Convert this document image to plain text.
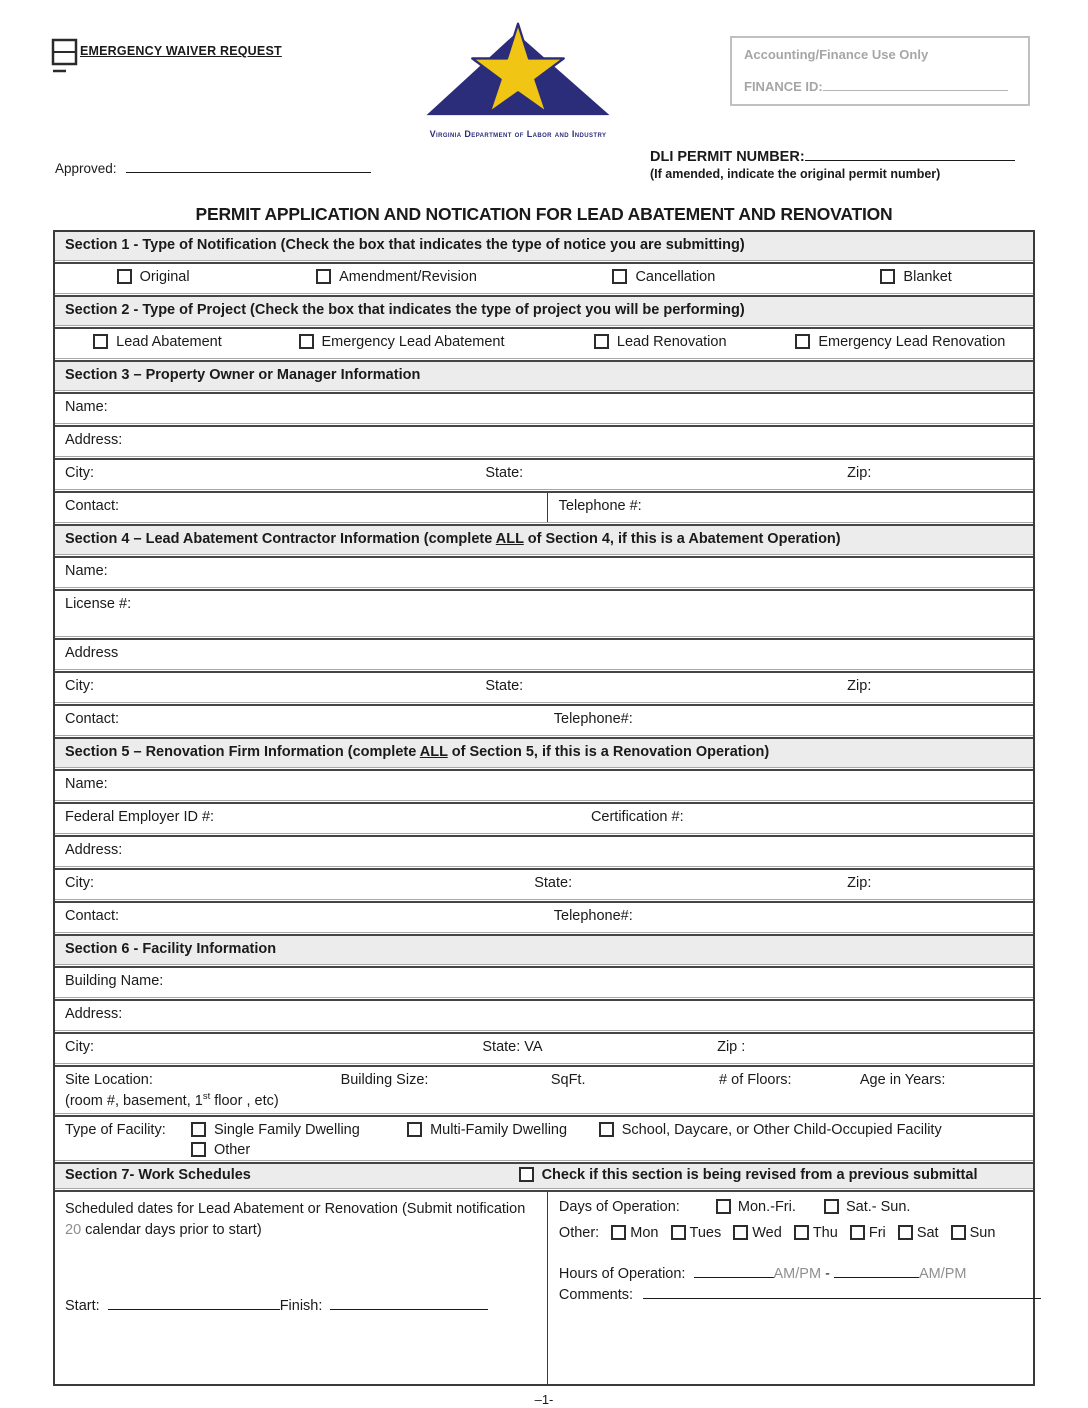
EMERGENCY WAIVER REQUEST
Virginia Department of Labor and Industry
Accounting/Finance Use Only
FINANCE ID:
Approved:
DLI PERMIT NUMBER:
(If amended, indicate the original permit number)
PERMIT APPLICATION AND NOTICATION FOR LEAD ABATEMENT AND RENOVATION
Section 1 - Type of Notification (Check the box that indicates the type of notice you are submitting)
Original	Amendment/Revision	Cancellation	Blanket
Section 2 - Type of Project (Check the box that indicates the type of project you will be performing)
Lead Abatement	Emergency Lead Abatement	Lead Renovation	Emergency Lead Renovation
Section 3 – Property Owner or Manager Information
Name:
Address:
City:	State:	Zip:
Contact:	Telephone #:
Section 4 – Lead Abatement Contractor Information (complete ALL of Section 4, if this is a Abatement Operation)
Name:
License #:
Address
City:	State:	Zip:
Contact:	Telephone#:
Section 5 – Renovation Firm Information (complete ALL of Section 5, if this is a Renovation Operation)
Name:
Federal Employer ID #:	Certification #:
Address:
City:	State:	Zip:
Contact:	Telephone#:
Section 6 - Facility Information
Building Name:
Address:
City:	State: VA	Zip :
Site Location:	Building Size:	SqFt.	# of Floors:	Age in Years:
(room #, basement, 1st floor , etc)
Type of Facility:	Single Family Dwelling	Multi-Family Dwelling	School, Daycare, or Other Child-Occupied Facility
Other
Section 7- Work Schedules	Check if this section is being revised from a previous submittal
Scheduled dates for Lead Abatement or Renovation (Submit notification 20 calendar days prior to start)
Start:	Finish:
Days of Operation:	Mon.-Fri.	Sat.- Sun.
Other: Mon Tues Wed Thu Fri Sat Sun
Hours of Operation:	AM/PM -	AM/PM
Comments:
–1-
